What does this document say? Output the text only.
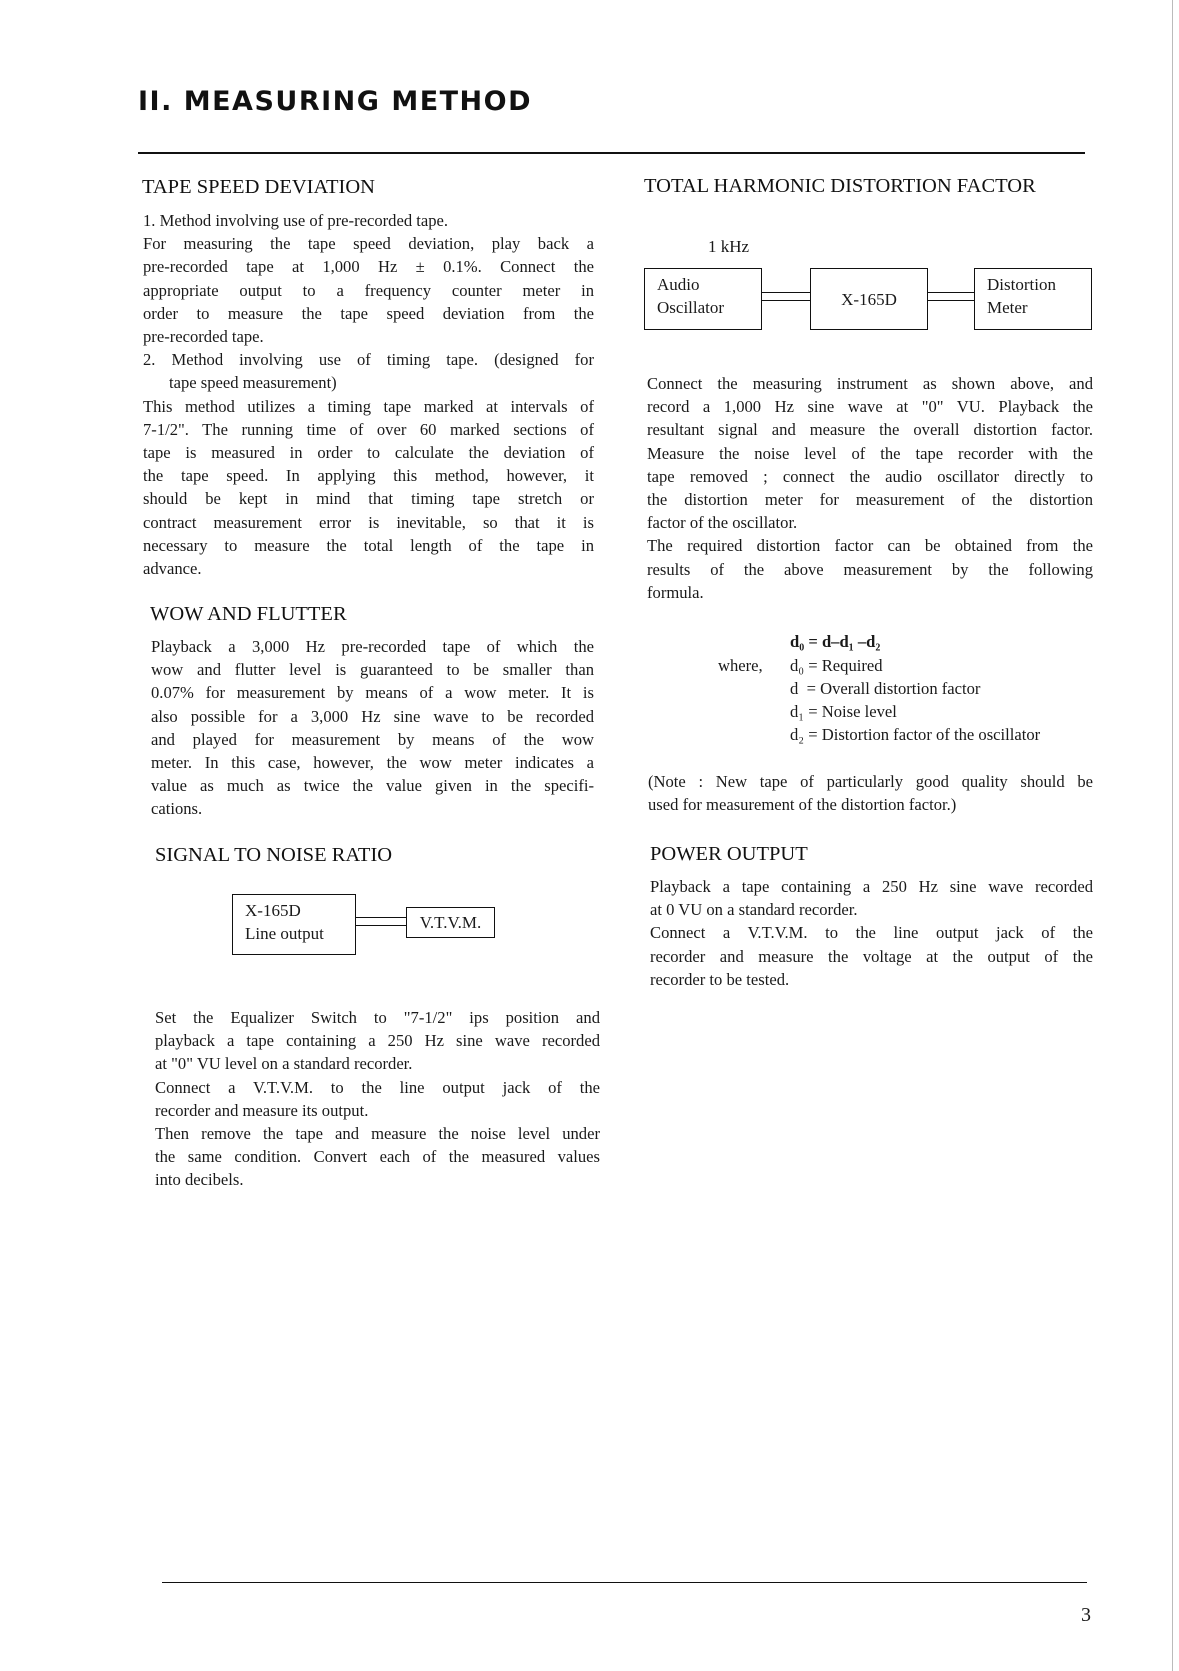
II. MEASURING METHOD
TAPE SPEED DEVIATION
1. Method involving use of pre-recorded tape.
For measuring the tape speed deviation, play back a
pre-recorded tape at 1,000 Hz ± 0.1%. Connect the
appropriate output to a frequency counter meter in
order to measure the tape speed deviation from the
pre-recorded tape.
2. Method involving use of timing tape. (designed for
tape speed measurement)
This method utilizes a timing tape marked at intervals of
7-1/2". The running time of over 60 marked sections of
tape is measured in order to calculate the deviation of
the tape speed. In applying this method, however, it
should be kept in mind that timing tape stretch or
contract measurement error is inevitable, so that it is
necessary to measure the total length of the tape in
advance.
WOW AND FLUTTER
Playback a 3,000 Hz pre-recorded tape of which the
wow and flutter level is guaranteed to be smaller than
0.07% for measurement by means of a wow meter. It is
also possible for a 3,000 Hz sine wave to be recorded
and played for measurement by means of the wow
meter. In this case, however, the wow meter indicates a
value as much as twice the value given in the specifi-
cations.
SIGNAL TO NOISE RATIO
X-165D
Line output
V.T.V.M.
Set the Equalizer Switch to "7-1/2" ips position and
playback a tape containing a 250 Hz sine wave recorded
at "0" VU level on a standard recorder.
Connect a V.T.V.M. to the line output jack of the
recorder and measure its output.
Then remove the tape and measure the noise level under
the same condition. Convert each of the measured values
into decibels.
TOTAL HARMONIC DISTORTION FACTOR
1 kHz
Audio
Oscillator	X-165D
Distortion
Meter
Connect the measuring instrument as shown above, and
record a 1,000 Hz sine wave at "0" VU. Playback the
resultant signal and measure the overall distortion factor.
Measure the noise level of the tape recorder with the
tape removed ; connect the audio oscillator directly to
the distortion meter for measurement of the distortion
factor of the oscillator.
The required distortion factor can be obtained from the
results of the above measurement by the following
formula.
d₀ = d–d₁ –d₂
where, d₀ = Required
d  = Overall distortion factor
d₁ = Noise level
d₂ = Distortion factor of the oscillator
(Note : New tape of particularly good quality should be
used for measurement of the distortion factor.)
POWER OUTPUT
Playback a tape containing a 250 Hz sine wave recorded
at 0 VU on a standard recorder.
Connect a V.T.V.M. to the line output jack of the
recorder and measure the voltage at the output of the
recorder to be tested.
3
